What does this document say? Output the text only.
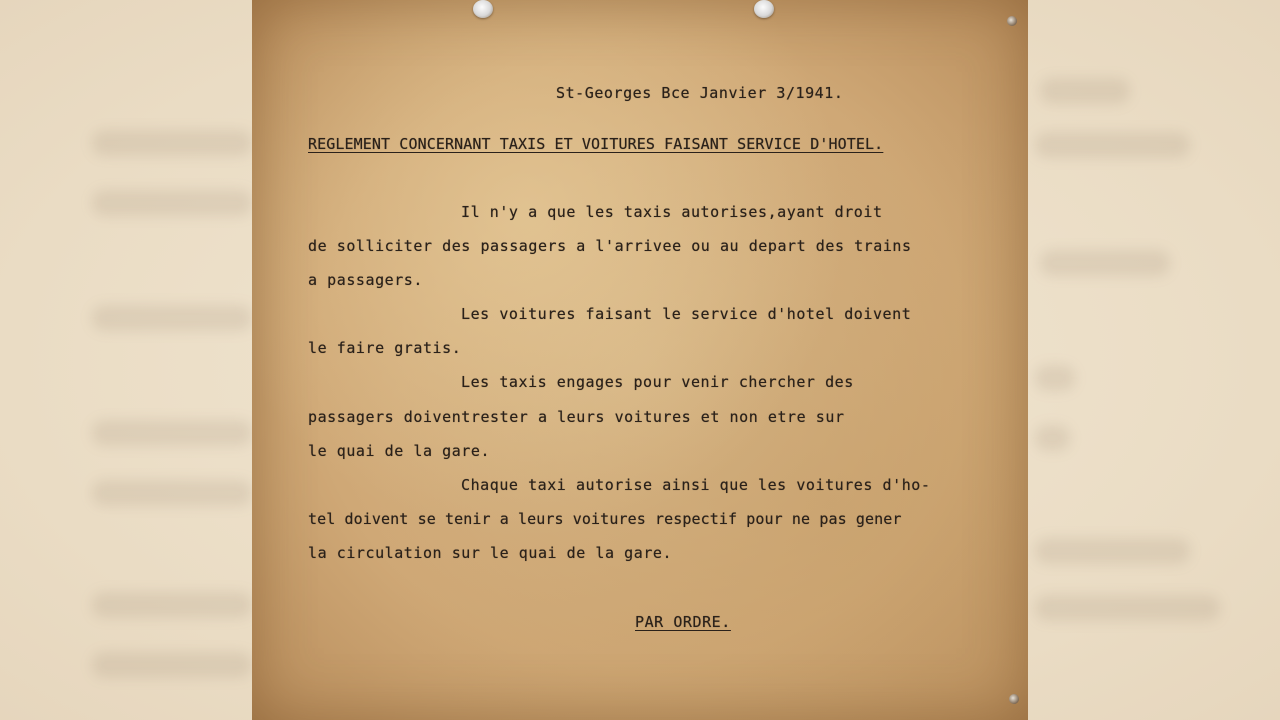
St-Georges Bce Janvier 3/1941.
REGLEMENT CONCERNANT TAXIS ET VOITURES FAISANT SERVICE D'HOTEL.
Il n'y a que les taxis autorises,ayant droit
de solliciter des passagers a l'arrivee ou au depart des trains
a passagers.
Les voitures faisant le service d'hotel doivent
le faire gratis.
Les taxis engages pour venir chercher des
passagers doiventrester a leurs voitures et non etre sur
le quai de la gare.
Chaque taxi autorise ainsi que les voitures d'ho-
tel doivent se tenir a leurs voitures respectif pour ne pas gener
la circulation sur le quai de la gare.
PAR ORDRE.
